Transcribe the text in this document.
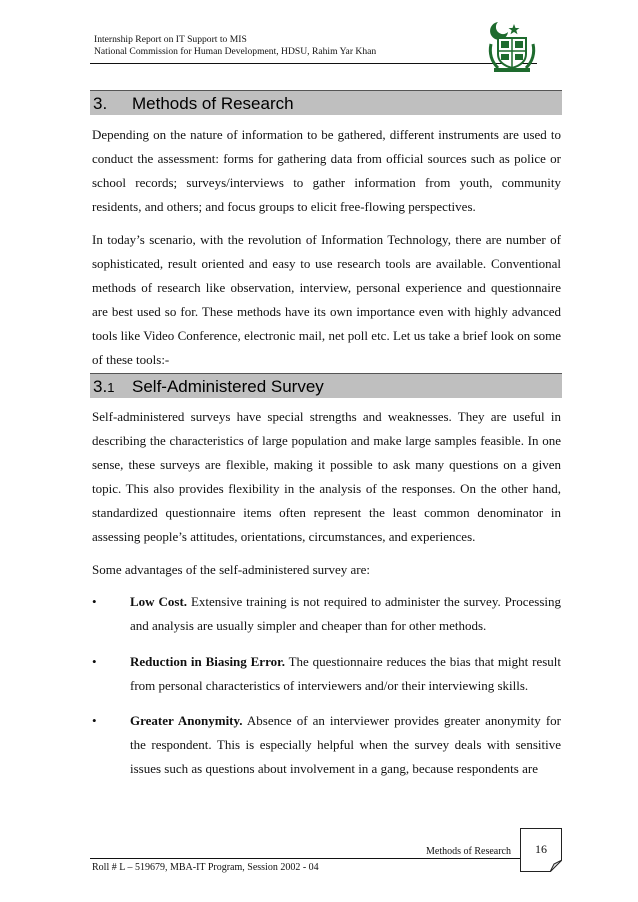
Internship Report on IT Support to MIS
National Commission for Human Development, HDSU, Rahim Yar Khan
3. Methods of Research

Depending on the nature of information to be gathered, different instruments are used to conduct the assessment: forms for gathering data from official sources such as police or school records; surveys/interviews to gather information from youth, community residents, and others; and focus groups to elicit free-flowing perspectives.

In today’s scenario, with the revolution of Information Technology, there are number of sophisticated, result oriented and easy to use research tools are available. Conventional methods of research like observation, interview, personal experience and questionnaire are best used so for. These methods have its own importance even with highly advanced tools like Video Conference, electronic mail, net poll etc. Let us take a brief look on some of these tools:-

3.1 Self-Administered Survey

Self-administered surveys have special strengths and weaknesses. They are useful in describing the characteristics of large population and make large samples feasible. In one sense, these surveys are flexible, making it possible to ask many questions on a given topic. This also provides flexibility in the analysis of the responses. On the other hand, standardized questionnaire items often represent the least common denominator in assessing people’s attitudes, orientations, circumstances, and experiences.

Some advantages of the self-administered survey are:

•	Low Cost. Extensive training is not required to administer the survey. Processing and analysis are usually simpler and cheaper than for other methods.

•	Reduction in Biasing Error. The questionnaire reduces the bias that might result from personal characteristics of interviewers and/or their interviewing skills.

•	Greater Anonymity. Absence of an interviewer provides greater anonymity for the respondent. This is especially helpful when the survey deals with sensitive issues such as questions about involvement in a gang, because respondents are

Methods of Research
Roll # L – 519679, MBA-IT Program, Session 2002 - 04
16
